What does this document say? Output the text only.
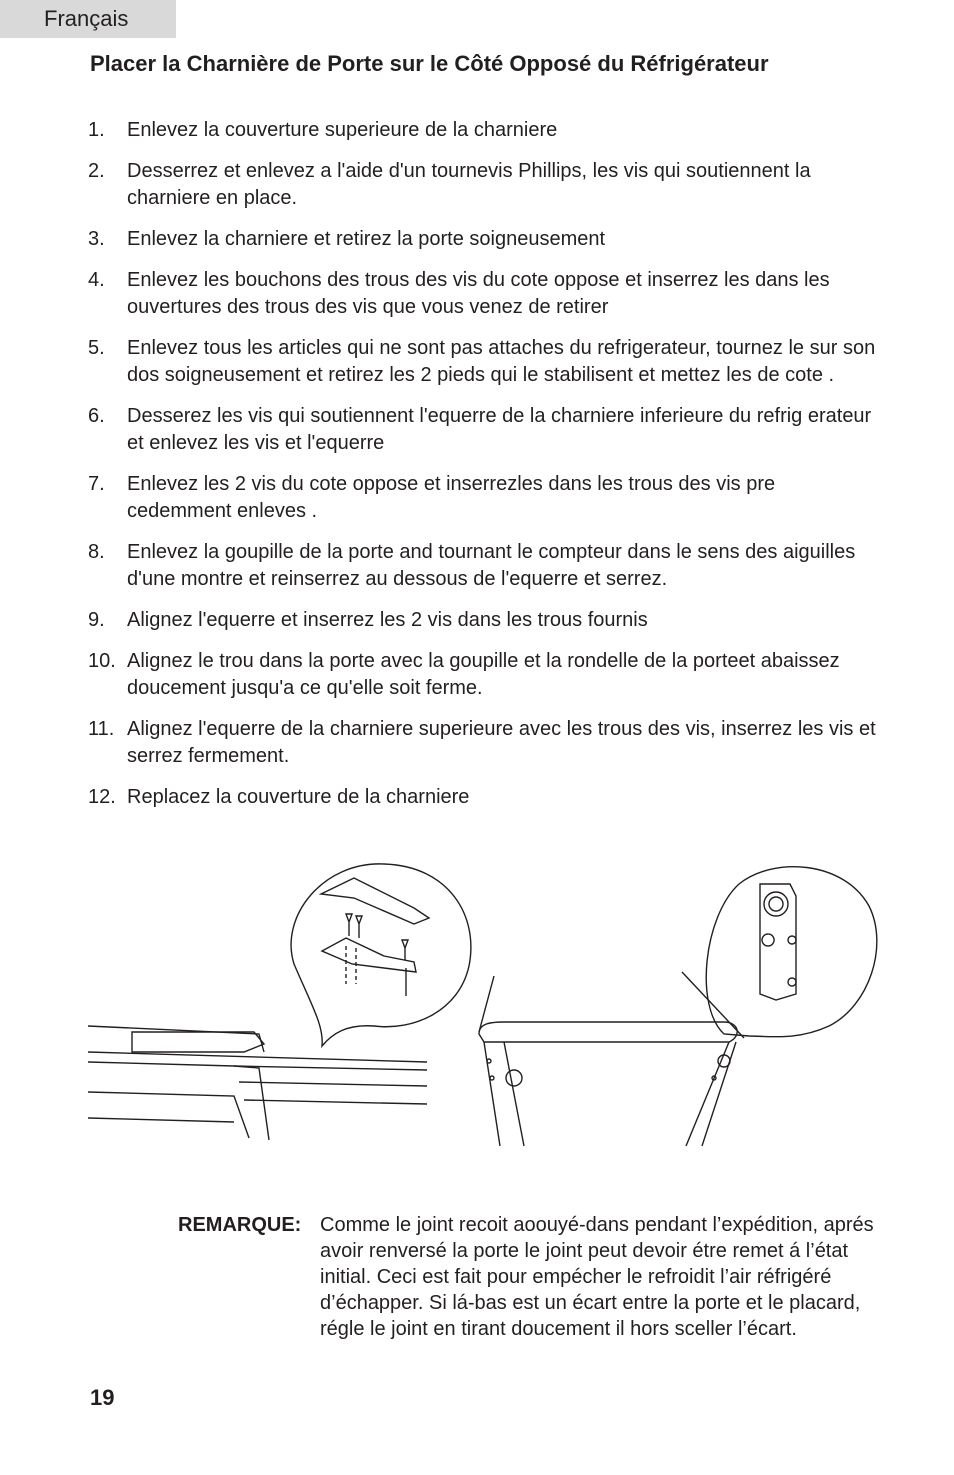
Français
Placer la Charnière de Porte sur le Côté Opposé du Réfrigérateur
1. Enlevez la couverture superieure de la charniere
2. Desserrez et enlevez a l'aide d'un tournevis Phillips, les vis qui soutiennent la charniere en place.
3. Enlevez la charniere et retirez la porte soigneusement
4. Enlevez les bouchons des trous des vis du cote oppose et inserrez les dans les ouvertures des trous des vis que vous venez de retirer
5. Enlevez tous les articles qui ne sont pas attaches du refrigerateur, tournez le sur son dos soigneusement et retirez les 2 pieds qui le stabilisent et mettez les de cote .
6. Desserez les vis qui soutiennent l'equerre de la charniere inferieure du refrig erateur et enlevez les vis et l'equerre
7. Enlevez les 2 vis du cote oppose et inserrezles dans les trous des vis pre cedemment enleves .
8. Enlevez la goupille de la porte and tournant le compteur dans le sens des aiguilles d'une montre et reinserrez au dessous de l'equerre et serrez.
9. Alignez l'equerre et inserrez les 2 vis dans les trous fournis
10. Alignez le trou dans la porte avec la goupille et la rondelle de la porteet abaissez doucement jusqu'a ce qu'elle soit ferme.
11. Alignez l'equerre de la charniere superieure avec les trous des vis, inserrez les vis et serrez fermement.
12. Replacez la couverture de la charniere
REMARQUE: Comme le joint recoit aoouyé-dans pendant l’expédition, aprés avoir renversé la porte le joint peut devoir étre remet á l’état initial. Ceci est fait pour empécher le refroidit l’air réfrigéré d’échapper. Si lá-bas est un écart entre la porte et le placard, régle le joint en tirant doucement il hors sceller l’écart.
19
